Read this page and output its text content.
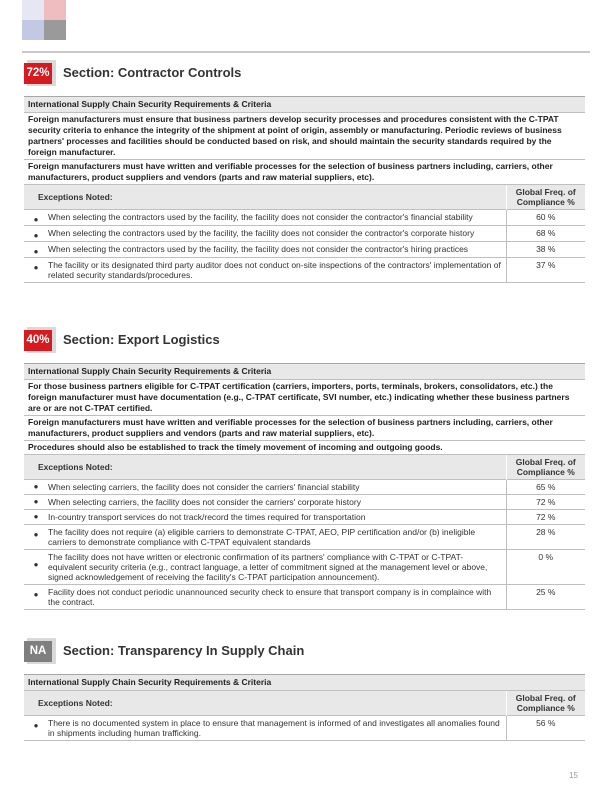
72% Section: Contractor Controls
International Supply Chain Security Requirements & Criteria
Foreign manufacturers must ensure that business partners develop security processes and procedures consistent with the C-TPAT security criteria to enhance the integrity of the shipment at point of origin, assembly or manufacturing. Periodic reviews of business partners' processes and facilities should be conducted based on risk, and should maintain the security standards required by the foreign manufacturer.
Foreign manufacturers must have written and verifiable processes for the selection of business partners including, carriers, other manufacturers, product suppliers and vendors (parts and raw material suppliers, etc).
Exceptions Noted:		Global Freq. of Compliance %
●	When selecting the contractors used by the facility, the facility does not consider the contractor's financial stability	60 %
●	When selecting the contractors used by the facility, the facility does not consider the contractor's corporate history	68 %
●	When selecting the contractors used by the facility, the facility does not consider the contractor's hiring practices	38 %
●	The facility or its designated third party auditor does not conduct on-site inspections of the contractors' implementation of related security standards/procedures.	37 %
40% Section: Export Logistics
International Supply Chain Security Requirements & Criteria
For those business partners eligible for C-TPAT certification (carriers, importers, ports, terminals, brokers, consolidators, etc.) the foreign manufacturer must have documentation (e.g., C-TPAT certificate, SVI number, etc.) indicating whether these business partners are or are not C-TPAT certified.
Foreign manufacturers must have written and verifiable processes for the selection of business partners including, carriers, other manufacturers, product suppliers and vendors (parts and raw material suppliers, etc).
Procedures should also be established to track the timely movement of incoming and outgoing goods.
Exceptions Noted:		Global Freq. of Compliance %
●	When selecting carriers, the facility does not consider the carriers' financial stability	65 %
●	When selecting carriers, the facility does not consider the carriers' corporate history	72 %
●	In-country transport services do not track/record the times required for transportation	72 %
●	The facility does not require (a) eligible carriers to demonstrate C-TPAT, AEO, PIP certification and/or (b) ineligible carriers to demonstrate compliance with C-TPAT equivalent standards	28 %
●	The facility does not have written or electronic confirmation of its partners' compliance with C-TPAT or C-TPAT-equivalent security criteria (e.g., contract language, a letter of commitment signed at the management level or above, signed acknowledgement of receiving the facility's C-TPAT participation announcement).	0 %
●	Facility does not conduct periodic unannounced security check to ensure that transport company is in complaince with the contract.	25 %
NA	Section: Transparency In Supply Chain
International Supply Chain Security Requirements & Criteria
Exceptions Noted:		Global Freq. of Compliance %
●	There is no documented system in place to ensure that management is informed of and investigates all anomalies found in shipments including human trafficking.	56 %
15
